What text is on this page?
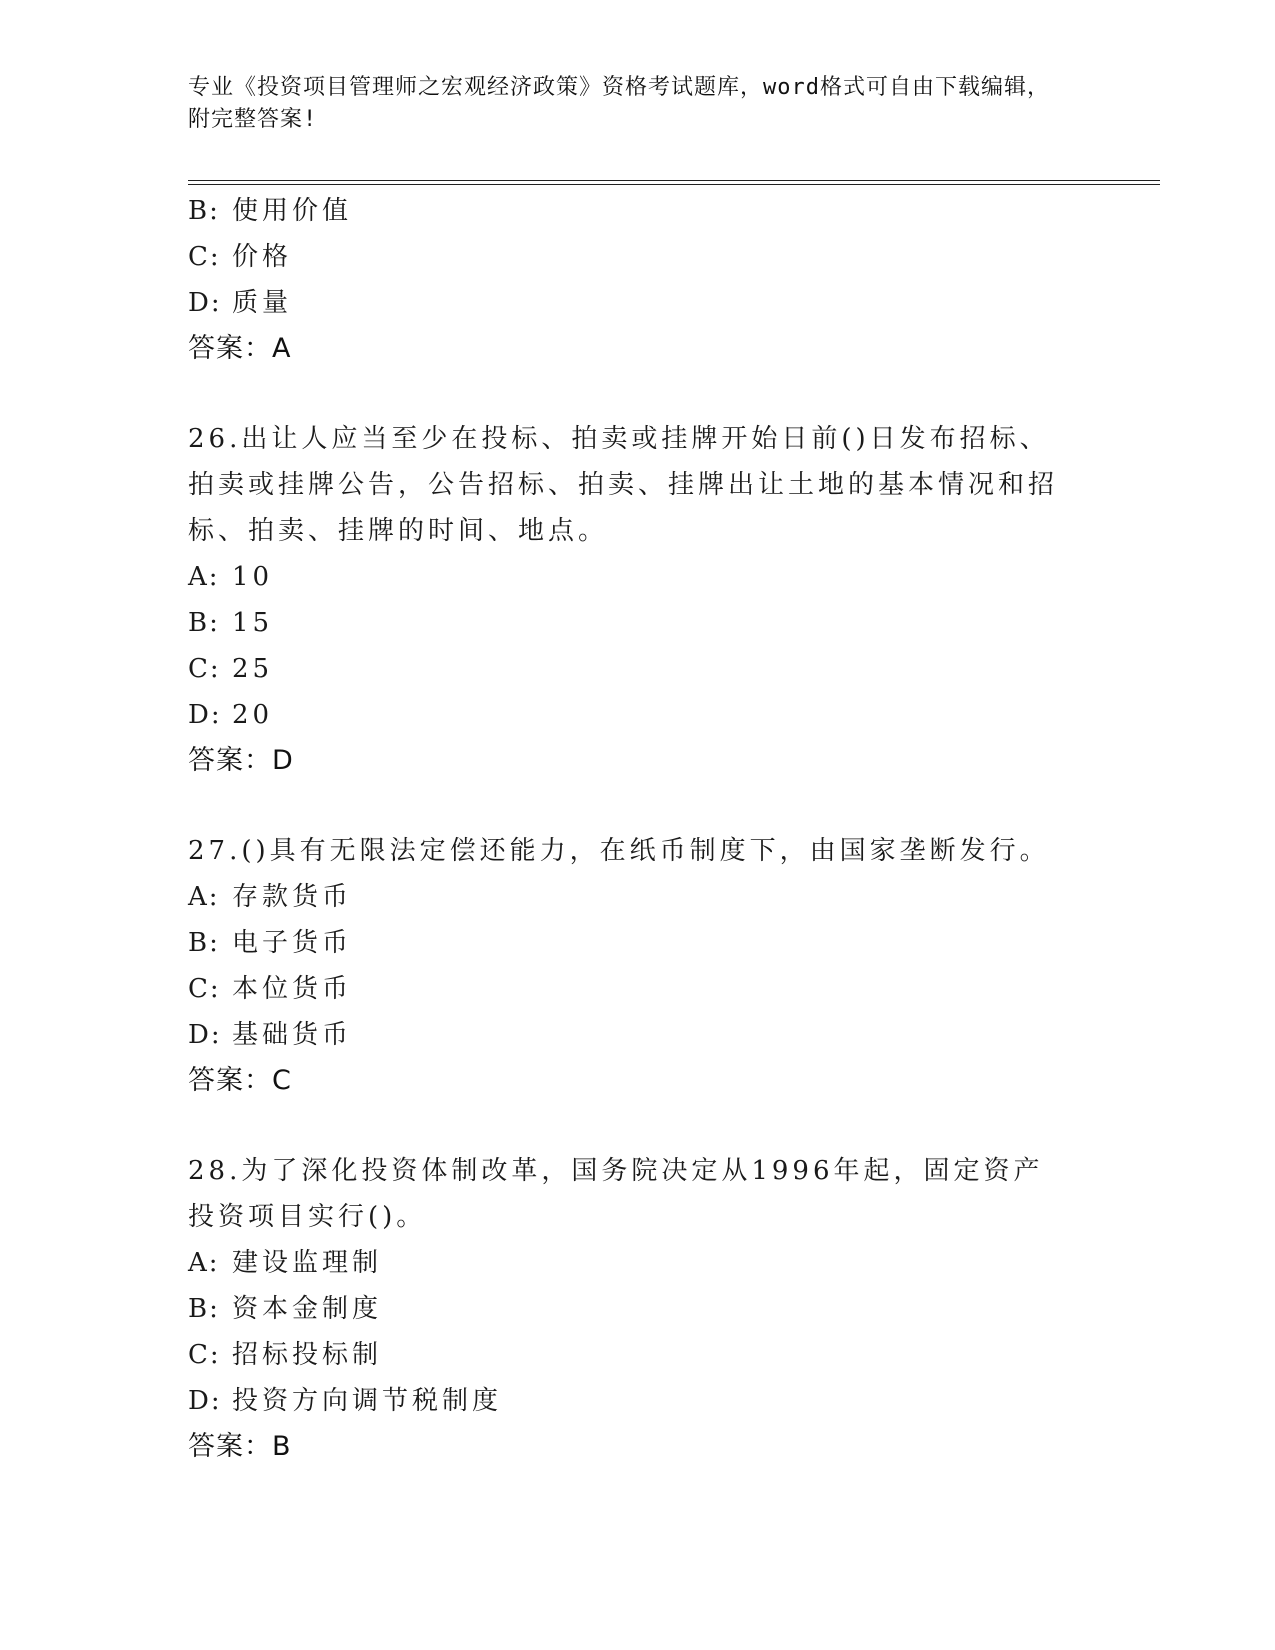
专业《投资项目管理师之宏观经济政策》资格考试题库，word格式可自由下载编辑，附完整答案!
B: 使用价值
C: 价格
D: 质量
答案：A
26.出让人应当至少在投标、拍卖或挂牌开始日前()日发布招标、拍卖或挂牌公告，公告招标、拍卖、挂牌出让土地的基本情况和招标、拍卖、挂牌的时间、地点。
A: 10
B: 15
C: 25
D: 20
答案：D
27.()具有无限法定偿还能力，在纸币制度下，由国家垄断发行。
A: 存款货币
B: 电子货币
C: 本位货币
D: 基础货币
答案：C
28.为了深化投资体制改革，国务院决定从1996年起，固定资产投资项目实行()。
A: 建设监理制
B: 资本金制度
C: 招标投标制
D: 投资方向调节税制度
答案：B
